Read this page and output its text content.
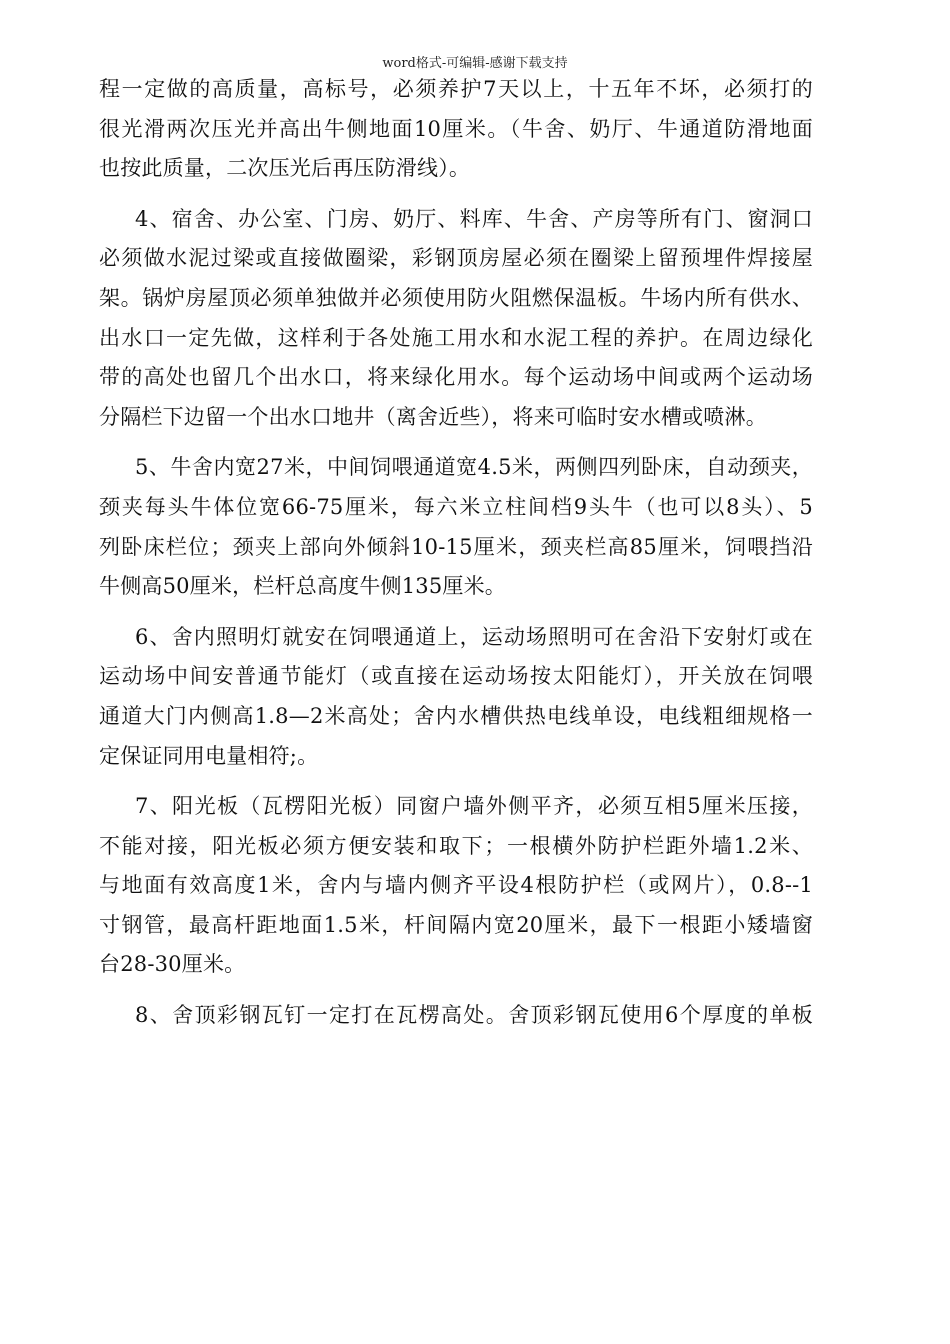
word格式-可编辑-感谢下载支持

程一定做的高质量，高标号，必须养护7天以上，十五年不坏，必须打的
很光滑两次压光并高出牛侧地面10厘米。（牛舍、奶厅、牛通道防滑地面
也按此质量，二次压光后再压防滑线）。

4、宿舍、办公室、门房、奶厅、料库、牛舍、产房等所有门、窗洞口
必须做水泥过梁或直接做圈梁，彩钢顶房屋必须在圈梁上留预埋件焊接屋
架。锅炉房屋顶必须单独做并必须使用防火阻燃保温板。牛场内所有供水、
出水口一定先做，这样利于各处施工用水和水泥工程的养护。在周边绿化
带的高处也留几个出水口，将来绿化用水。每个运动场中间或两个运动场
分隔栏下边留一个出水口地井（离舍近些），将来可临时安水槽或喷淋。

5、牛舍内宽27米，中间饲喂通道宽4.5米，两侧四列卧床，自动颈夹，
颈夹每头牛体位宽66-75厘米，每六米立柱间档9头牛（也可以8头）、5
列卧床栏位；颈夹上部向外倾斜10-15厘米，颈夹栏高85厘米，饲喂挡沿
牛侧高50厘米，栏杆总高度牛侧135厘米。

6、舍内照明灯就安在饲喂通道上，运动场照明可在舍沿下安射灯或在
运动场中间安普通节能灯（或直接在运动场按太阳能灯），开关放在饲喂
通道大门内侧高1.8—2米高处；舍内水槽供热电线单设，电线粗细规格一
定保证同用电量相符;。

7、阳光板（瓦楞阳光板）同窗户墙外侧平齐，必须互相5厘米压接，
不能对接，阳光板必须方便安装和取下；一根横外防护栏距外墙1.2米、
与地面有效高度1米，舍内与墙内侧齐平设4根防护栏（或网片），0.8--1
寸钢管，最高杆距地面1.5米，杆间隔内宽20厘米，最下一根距小矮墙窗
台28-30厘米。

8、舍顶彩钢瓦钉一定打在瓦楞高处。舍顶彩钢瓦使用6个厚度的单板
